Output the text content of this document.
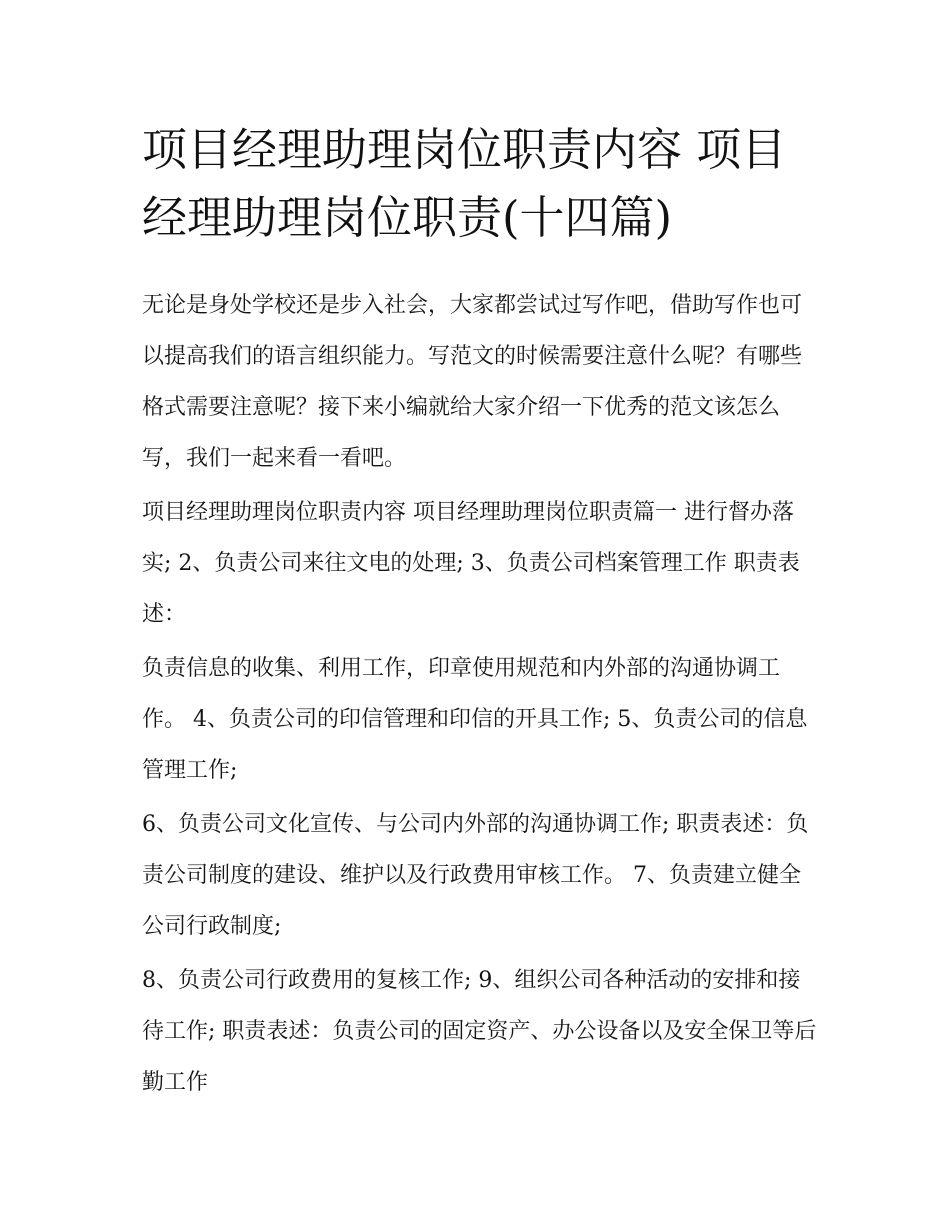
项目经理助理岗位职责内容 项目经理助理岗位职责(十四篇)

无论是身处学校还是步入社会，大家都尝试过写作吧，借助写作也可以提高我们的语言组织能力。写范文的时候需要注意什么呢？有哪些格式需要注意呢？接下来小编就给大家介绍一下优秀的范文该怎么写，我们一起来看一看吧。

项目经理助理岗位职责内容 项目经理助理岗位职责篇一 进行督办落实; 2、负责公司来往文电的处理; 3、负责公司档案管理工作 职责表述：

负责信息的收集、利用工作，印章使用规范和内外部的沟通协调工作。 4、负责公司的印信管理和印信的开具工作; 5、负责公司的信息管理工作;

6、负责公司文化宣传、与公司内外部的沟通协调工作; 职责表述：负责公司制度的建设、维护以及行政费用审核工作。 7、负责建立健全公司行政制度;

8、负责公司行政费用的复核工作; 9、组织公司各种活动的安排和接待工作; 职责表述：负责公司的固定资产、办公设备以及安全保卫等后勤工作
